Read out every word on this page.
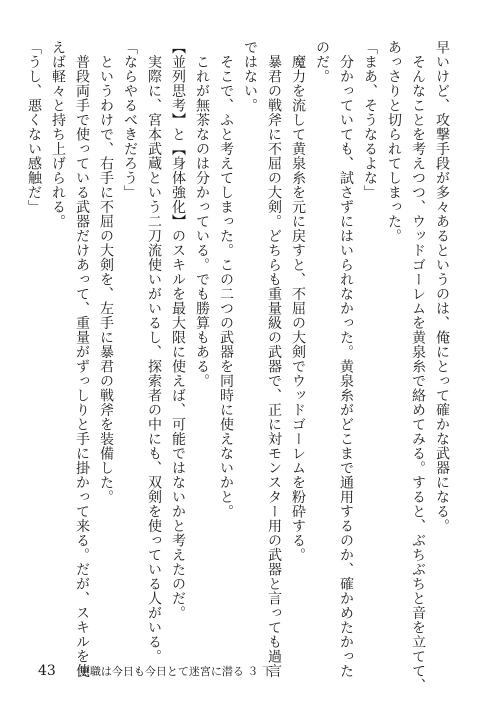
早いけど、攻撃手段が多々あるというのは、俺にとって確かな武器になる。
　そんなことを考えつつ、ウッドゴーレムを黄泉糸で絡めてみる。すると、ぶちぶちと音を立てて、
あっさりと切られてしまった。
「まあ、そうなるよな」
　分かっていても、試さずにはいられなかった。黄泉糸がどこまで通用するのか、確かめたかった
のだ。
　魔力を流して黄泉糸を元に戻すと、不屈の大剣でウッドゴーレムを粉砕する。
　暴君の戦斧に不屈の大剣。どちらも重量級の武器で、正に対モンスター用の武器と言っても過言
ではない。
　そこで、ふと考えてしまった。この二つの武器を同時に使えないかと。
　これが無茶なのは分かっている。でも勝算もある。
【並列思考】と【身体強化】のスキルを最大限に使えば、可能ではないかと考えたのだ。
　実際に、宮本武蔵という二刀流使いがいるし、探索者の中にも、双剣を使っている人がいる。
「ならやるべきだろう」
　というわけで、右手に不屈の大剣を、左手に暴君の戦斧を装備した。
　普段両手で使っている武器だけあって、重量がずっしりと手に掛かって来る。だが、スキルを使
えば軽々と持ち上げられる。
「うし、悪くない感触だ」
43 無職は今日も今日とて迷宮に潜る ３ 下
